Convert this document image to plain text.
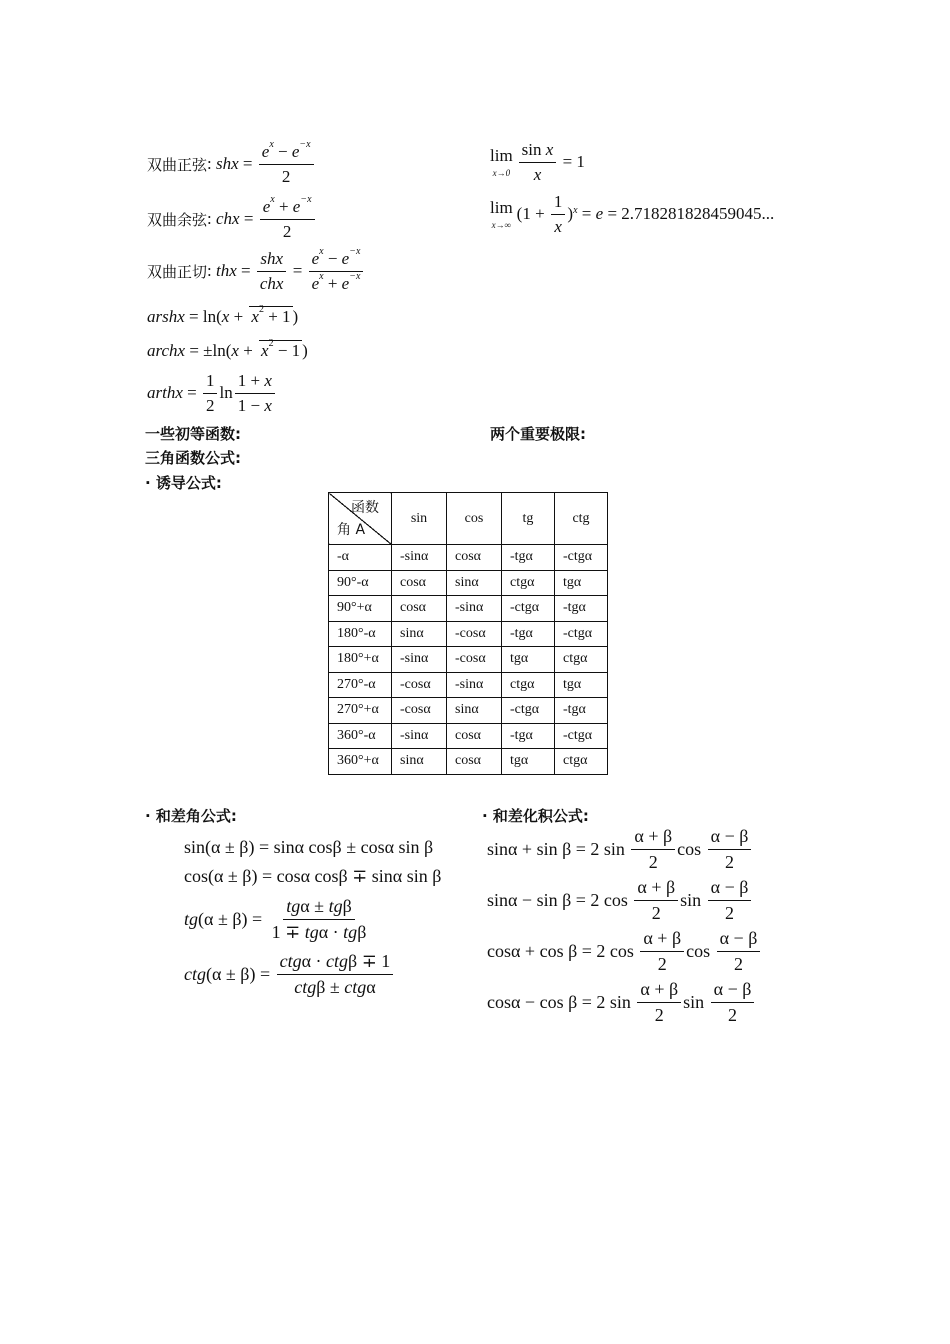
双曲正弦 : shx = $\frac{e^x - e^{-x}}{2}$
双曲余弦 : chx = $\frac{e^x + e^{-x}}{2}$
双曲正切 : thx = $\frac{\text{shx}}{\text{chx}} = \frac{e^x - e^{-x}}{e^x + e^{-x}}$
arshx = ln( $x + x^2 + 1$ )
archx = ±ln( $x + x^2 - 1$ )
arthx = $\frac{1}{2}$ $\ln \frac{1 + x}{1 - x}$
lim
$x\to 0 \frac{\text{sin x}}{x} = 1$
lim
x→∞
$(1 + \frac{1}{x} )^x = e = 2.718281828459045$...
一些初等函数:	两个重要极限:
三角函数公式:
· 诱导公式:
函数
角 A	sin	cos	tg	ctg
-α	-sinα	cosα	-tgα	-ctgα
90°-α	cosα	sinα	ctgα	tgα
90°+α	cosα	-sinα	-ctgα	-tgα
180°-α	sinα	-cosα	-tgα	-ctgα
180°+α	-sinα	-cosα	tgα	ctgα
270°-α	-cosα	-sinα	ctgα	tgα
270°+α	-cosα	sinα	-ctgα	-tgα
360°-α	-sinα	cosα	-tgα	-ctgα
360°+α	sinα	cosα	tgα	ctgα
· 和差角公式:	· 和差化积公式:
sin(α ± β) = sinα cosβ ± cosα sin β
cos(α ± β) = cosα cosβ ∓ sinα sin β
tg $(\alpha \pm \beta) = \frac{\text{tgα ± tgβ}}{\text{1 ∓ tgα · tgβ}}$
ctg $(\alpha \pm \beta) = \frac{\text{ctgα · ctgβ ∓ 1}}{\text{ctgβ ± ctgα}}$
sinα + sin β = 2 $\sin \frac{\alpha + \beta}{2}$ $\cos \frac{\alpha - \beta}{2}$
sinα − sin β = 2 $\cos \frac{\alpha + \beta}{2}$ $\sin \frac{\alpha - \beta}{2}$
cosα + cos β = 2 $\cos \frac{\alpha + \beta}{2}$ $\cos \frac{\alpha - \beta}{2}$
cosα − cos β = 2 $\sin \frac{\alpha + \beta}{2}$ $\sin \frac{\alpha - \beta}{2}$
